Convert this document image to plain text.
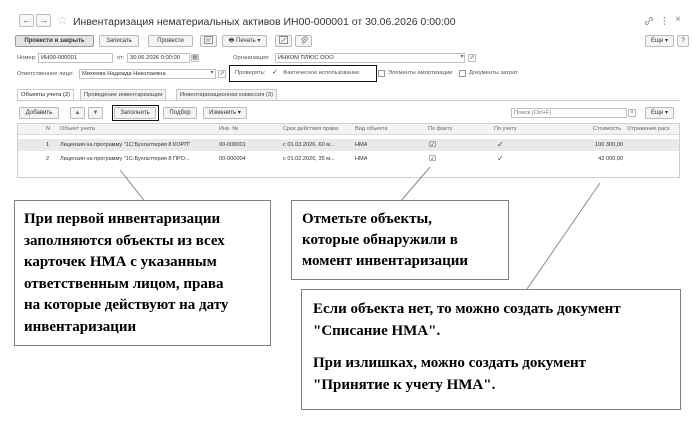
← → ☆ Инвентаризация нематериальных активов ИН00-000001 от 30.06.2026 0:00:00	×
Провести и закрыть	Записать	Провести	🖶 Печать ▾	Еще ▾	?
Номер: ИН00-000001	от: 30.06.2026 0:00:00	▦	Организация:	ИНКОМ ПЛЮС ООО	▾ ⇗
Ответственное лицо:	Михеева Надежда Николаевна	▾ ⇗ Проверять: ✓ Фактическое использование	Элементы амортизации	Документы затрат
Объекты учета (2)	Проведение инвентаризации	Инвентаризационная комиссия (3)
Добавить	▲	▼	Заполнить	Подбор	Изменить ▾
Поиск (Ctrl+F)	×	Еще ▾
N Объект учета	Инв. №	Срок действия права	Вид объекта	По факту	По учету	Стоимость Отражение расх
1 Лицензия на программу "1С:Бухгалтерия 8 КОРП"	00-000001	с 01.03.2026, 60 м...	НМА	☑	✓	100 300,00
2 Лицензия на программу "1С:Бухгалтерия 8 ПРО...	00-000004	с 01.02.2026, 35 м...	НМА	☑	✓	42 000,00

При первой инвентаризации

заполняются объекты из всех

карточек НМА с указанным

ответственным лицом, права

на которые действуют на дату

инвентаризации

Отметьте объекты,

которые обнаружили в

момент инвентаризации

Если объекта нет, то можно создать документ

"Списание НМА".

При излишках, можно создать документ

"Принятие к учету НМА".
